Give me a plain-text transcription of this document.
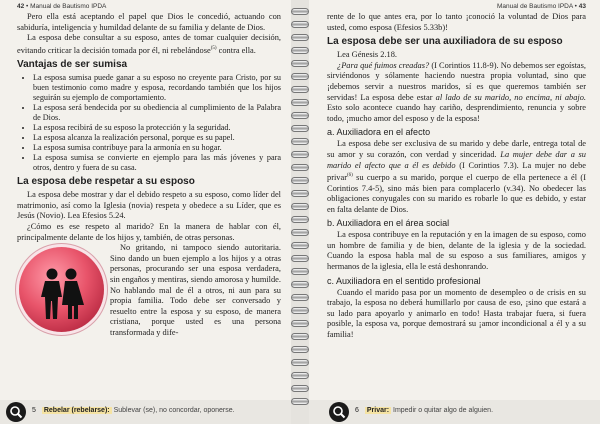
42 • Manual de Bautismo IPDA

Pero ella está aceptando el papel que Dios le concedió, actuando con sabiduría, inteligencia y humildad delante de su familia y delante de Dios.

La esposa debe consultar a su esposo, antes de tomar cualquier decisión, evitando criticar la decisión tomada por él, ni rebelándose$^{(5)}$ contra ella.

Vantajas de ser sumisa
• La esposa sumisa puede ganar a su esposo no creyente para Cristo, por su buen testimonio como madre y esposa, recordando también que los hijos seguirán su ejemplo de comportamiento.
• La esposa será bendecida por su obediencia al cumplimiento de la Palabra de Dios.
• La esposa recibirá de su esposo la protección y la seguridad.
• La esposa alcanza la realización personal, porque es su papel.
• La esposa sumisa contribuye para la armonía en su hogar.
• La esposa sumisa se convierte en ejemplo para las más jóvenes y para otros, dentro y fuera de su casa.
La esposa debe respetar a su esposo

La esposa debe mostrar y dar el debido respeto a su esposo, como líder del matrimonio, así como la Iglesia (novia) respeta y obedece a su Líder, que es Jesús (Novio). Lea Efesios 5.24.

¿Cómo es ese respeto al marido? En la manera de hablar con él, principalmente delante de los hijos y, también, de otras personas.

No gritando, ni tampoco siendo autoritaria. Sino dando un buen ejemplo a los hijos y a otras personas, procurando ser una esposa verdadera, sin engaños y mentiras, siendo amorosa y humilde. No hablando mal de él a otros, ni aun para su propia familia. Todo debe ser conversado y resuelto entre la esposa y su esposo, de manera cristiana, porque usted es una persona transformada y dife-

5 Rebelar (rebelarse): Sublevar (se), no concordar, oponerse.
Manual de Bautismo IPDA • 43

rente de lo que antes era, por lo tanto ¡conoció la voluntad de Dios para usted, como esposa (Efesios 5.33b)!

La esposa debe ser una auxiliadora de su esposo

Lea Génesis 2.18.

¿Para qué fuimos creadas? (I Corintios 11.8-9). No debemos ser egoístas, sirviéndonos y sólamente haciendo nuestra propia voluntad, sino que ¡debemos servir a nuestros maridos, sí es que queremos también ser servidas! La esposa debe estar al lado de su marido, no encima, ni abajo. Esto solo acontece cuando hay cariño, desprendimiento, renuncia y sobre todo, ¡mucho amor del esposo y de la esposa!

a. Auxiliadora en el afecto

La esposa debe ser exclusiva de su marido y debe darle, entrega total de su amor y su corazón, con verdad y sinceridad. La mujer debe dar a su marido el afecto que a él es debido (I Corintios 7.3). La mujer no debe privar$^{(6)}$ su cuerpo a su marido, porque el cuerpo de ella pertenece a él (I Corintios 7.4-5), sino más bien para complacerlo (v.34). No obedecer las obligaciones conyugales con su marido es robarle lo que es debido, y estar en falta delante de Dios.

b. Auxiliadora en el área social

La esposa contribuye en la reputación y en la imagen de su esposo, como un hombre de familia y de bien, delante de la iglesia y de la sociedad. Cuando la esposa habla mal de su esposo a sus familiares, amigos y hermanos de la iglesia, ella le está deshonrando.

c. Auxiliadora en el sentido profesional

Cuando el marido pasa por un momento de desempleo o de crisis en su trabajo, la esposa no deberá humillarlo por causa de eso, ¡sino que estará a su lado para apoyarlo y animarlo en todo! Hasta trabajar fuera, si fuera posible, la esposa va, porque demostrará su ¡amor incondicional a él y a su familia!

6 Privar: Impedir o quitar algo de alguien.
